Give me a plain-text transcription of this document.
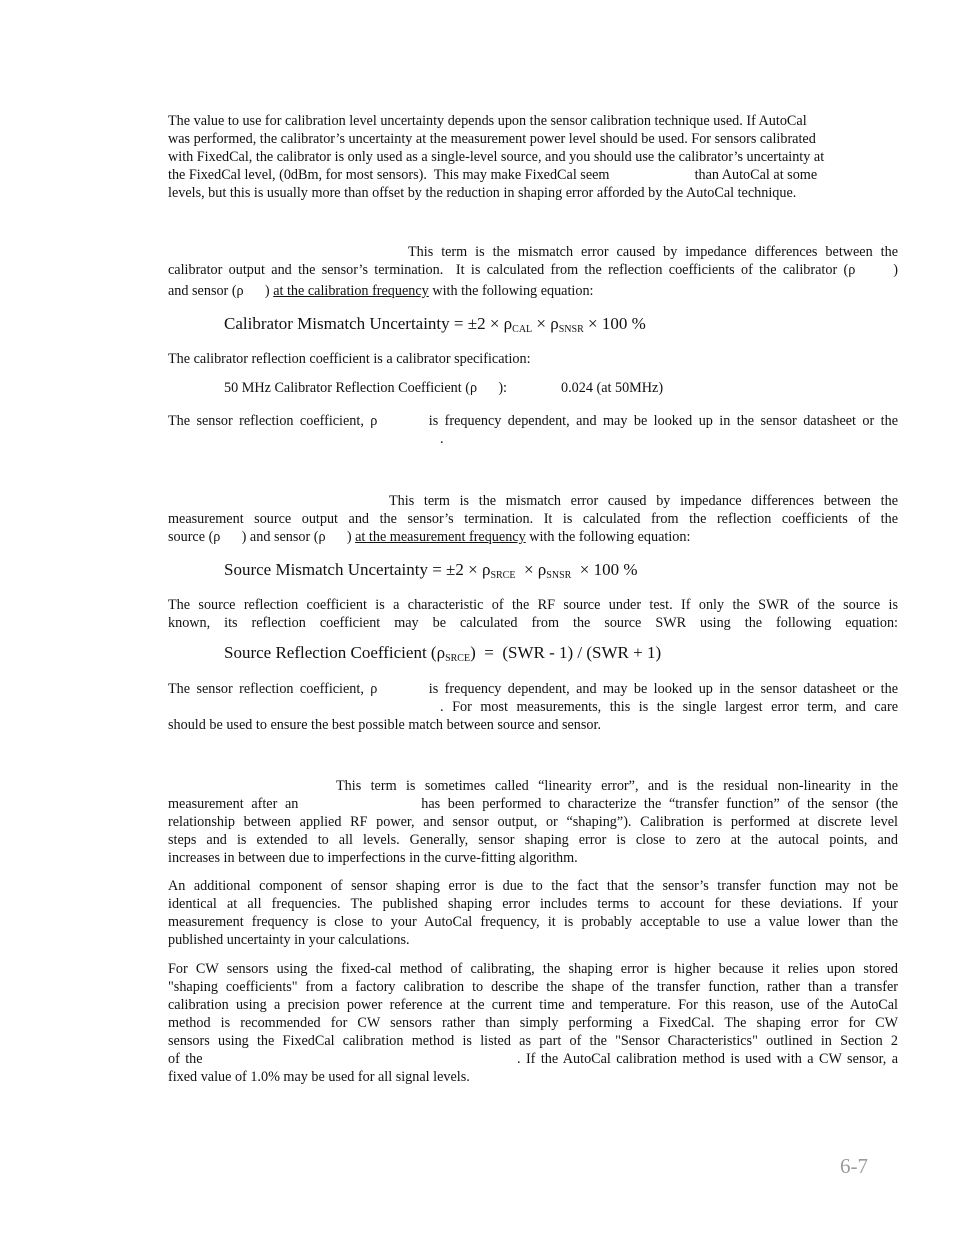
The value to use for calibration level uncertainty depends upon the sensor calibration technique used. If AutoCal
was performed, the calibrator’s uncertainty at the measurement power level should be used. For sensors calibrated
with FixedCal, the calibrator is only used as a single-level source, and you should use the calibrator’s uncertainty at
the FixedCal level, (0dBm, for most sensors).  This may make FixedCal seem                        than AutoCal at some
levels, but this is usually more than offset by the reduction in shaping error afforded by the AutoCal technique.
This term is the mismatch error caused by impedance differences between the
calibrator output and the sensor’s termination.  It is calculated from the reflection coefficients of the calibrator (ρ      )
and sensor (ρ      ) at the calibration frequency with the following equation:
Calibrator Mismatch Uncertainty = $\pm 2 \times \rho_{CAL} \times \rho_{SNSR} \times 100$ %
The calibrator reflection coefficient is a calibrator specification:
50 MHz Calibrator Reflection Coefficient (ρ      ):	0.024 (at 50MHz)
The sensor reflection coefficient, ρ        is frequency dependent, and may be looked up in the sensor datasheet or the
.
This term is the mismatch error caused by impedance differences between the
measurement source output and the sensor’s termination. It is calculated from the reflection coefficients of the
source (ρ      ) and sensor (ρ      ) at the measurement frequency with the following equation:
Source Mismatch Uncertainty = $\pm 2 \times \rho_{SRCE} \times \rho_{SNSR} \times 100$ %
The source reflection coefficient is a characteristic of the RF source under test. If only the SWR of the source is
known, its reflection coefficient may be calculated from the source SWR using the following equation:
Source Reflection Coefficient $(\rho_{SRCE}) = (SWR - 1) / (SWR + 1)$
The sensor reflection coefficient, ρ        is frequency dependent, and may be looked up in the sensor datasheet or the
. For most measurements, this is the single largest error term, and care
should be used to ensure the best possible match between source and sensor.
This term is sometimes called “linearity error”, and is the residual non-linearity in the
measurement after an                has been performed to characterize the “transfer function” of the sensor (the
relationship between applied RF power, and sensor output, or “shaping”). Calibration is performed at discrete level
steps and is extended to all levels. Generally, sensor shaping error is close to zero at the autocal points, and
increases in between due to imperfections in the curve-fitting algorithm.
An additional component of sensor shaping error is due to the fact that the sensor’s transfer function may not be
identical at all frequencies. The published shaping error includes terms to account for these deviations. If your
measurement frequency is close to your AutoCal frequency, it is probably acceptable to use a value lower than the
published uncertainty in your calculations.
For CW sensors using the fixed-cal method of calibrating, the shaping error is higher because it relies upon stored
"shaping coefficients" from a factory calibration to describe the shape of the transfer function, rather than a transfer
calibration using a precision power reference at the current time and temperature. For this reason, use of the AutoCal
method is recommended for CW sensors rather than simply performing a FixedCal. The shaping error for CW
sensors using the FixedCal calibration method is listed as part of the "Sensor Characteristics" outlined in Section 2
of the                                                          . If the AutoCal calibration method is used with a CW sensor, a
fixed value of 1.0% may be used for all signal levels.
6-7
